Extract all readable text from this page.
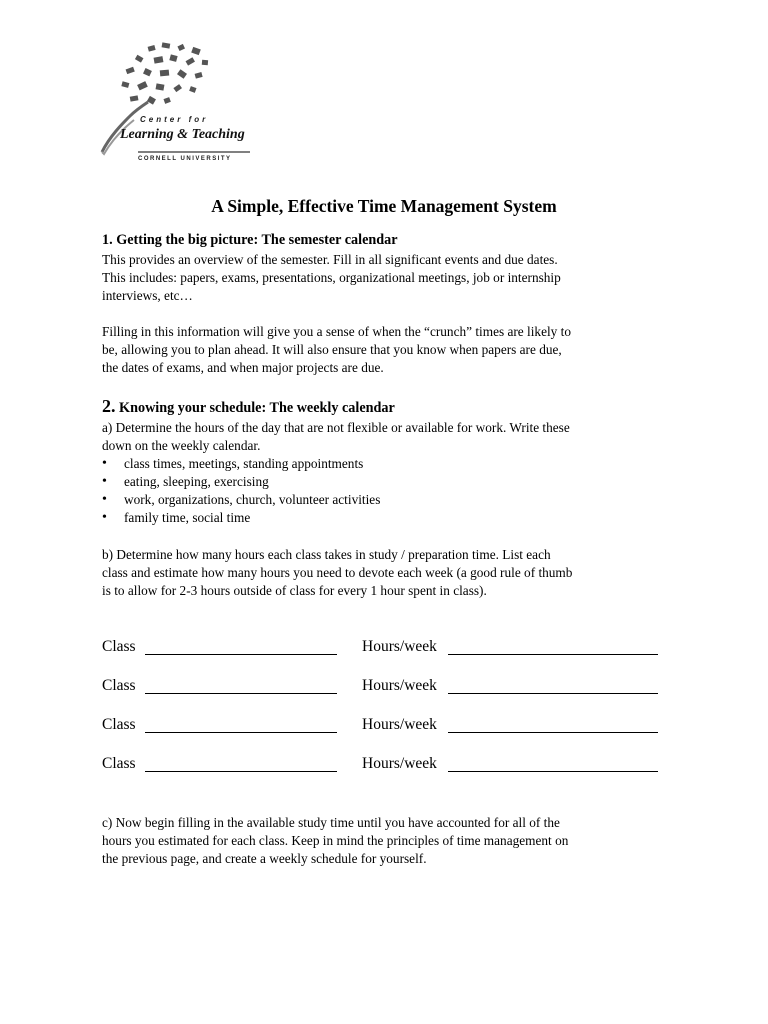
Center for
Learning & Teaching
CORNELL UNIVERSITY
A Simple, Effective Time Management System
1. Getting the big picture: The semester calendar
This provides an overview of the semester. Fill in all significant events and due dates.
This includes: papers, exams, presentations, organizational meetings, job or internship
interviews, etc…
Filling in this information will give you a sense of when the “crunch” times are likely to
be, allowing you to plan ahead. It will also ensure that you know when papers are due,
the dates of exams, and when major projects are due.
2. Knowing your schedule: The weekly calendar
a) Determine the hours of the day that are not flexible or available for work. Write these
down on the weekly calendar.
• class times, meetings, standing appointments
• eating, sleeping, exercising
• work, organizations, church, volunteer activities
• family time, social time
b) Determine how many hours each class takes in study / preparation time. List each
class and estimate how many hours you need to devote each week (a good rule of thumb
is to allow for 2-3 hours outside of class for every 1 hour spent in class).
Class	Hours/week
Class	Hours/week
Class	Hours/week
Class	Hours/week
c) Now begin filling in the available study time until you have accounted for all of the
hours you estimated for each class. Keep in mind the principles of time management on
the previous page, and create a weekly schedule for yourself.
